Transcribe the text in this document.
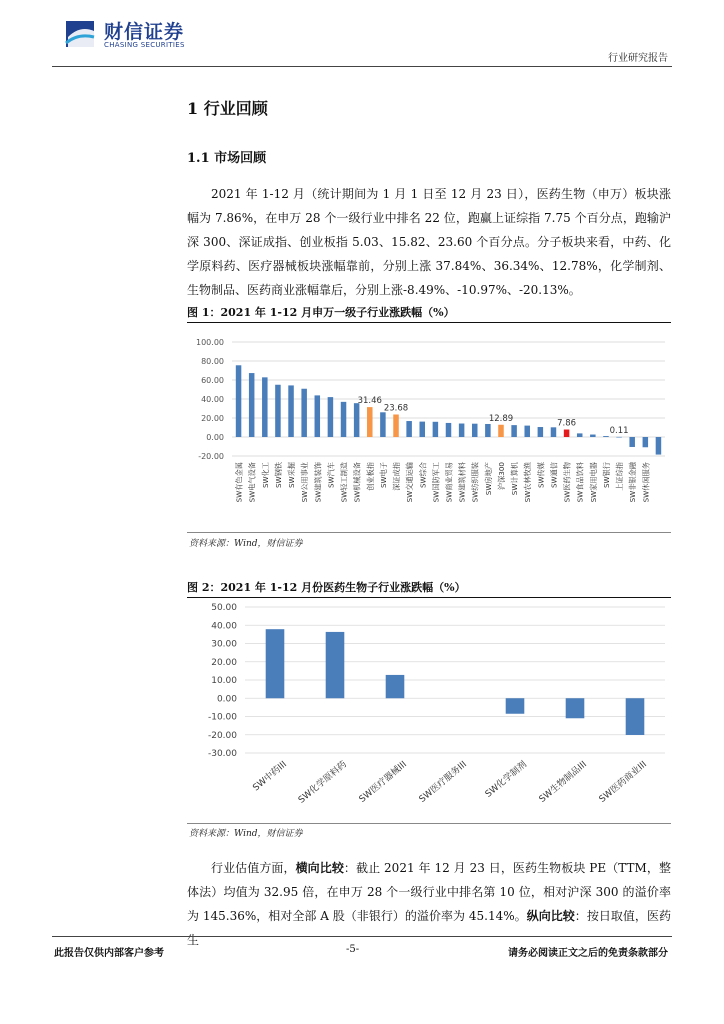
财信证券
CHASING SECURITIES
行业研究报告
1 行业回顾
1.1 市场回顾

2021 年 1-12 月（统计期间为 1 月 1 日至 12 月 23 日），医药生物（申万）板块涨幅为 7.86%，在申万 28 个一级行业中排名 22 位，跑赢上证综指 7.75 个百分点，跑输沪深 300、深证成指、创业板指 5.03、15.82、23.60 个百分点。分子板块来看，中药、化学原料药、医疗器械板块涨幅靠前，分别上涨 37.84%、36.34%、12.78%，化学制剂、生物制品、医药商业涨幅靠后，分别上涨-8.49%、-10.97%、-20.13%。

图 1：2021 年 1-12 月申万一级子行业涨跌幅（%）
100.00
80.00
60.00
40.00
20.00
0.00
-20.00
SW有色金属 SW电气设备 SW化工 SW钢铁 SW采掘 SW公用事业 SW建筑装饰 SW汽车 SW轻工制造 SW机械设备
31.46
创业板指 SW电子
23.68
深证成指 SW交通运输 SW综合 SW国防军工 SW商业贸易 SW建筑材料 SW纺织服装 SW房地产
12.89
沪深300 SW计算机 SW农林牧渔 SW传媒 SW通信
7.86
SW医药生物 SW食品饮料 SW家用电器 SW银行
0.11
上证综指 SW非银金融 SW休闲服务
资料来源：Wind，财信证券
图 2：2021 年 1-12 月份医药生物子行业涨跌幅（%）
50.00
40.00
30.00
20.00
10.00
0.00
-10.00
-20.00
-30.00
SW中药III SW化学原料药 SW医疗器械III SW医疗服务III SW化学制剂 SW生物制品III SW医药商业III
资料来源：Wind，财信证券

行业估值方面，横向比较：截止 2021 年 12 月 23 日，医药生物板块 PE（TTM，整体法）均值为 32.95 倍，在申万 28 个一级行业中排名第 10 位，相对沪深 300 的溢价率为 145.36%，相对全部 A 股（非银行）的溢价率为 45.14%。纵向比较：按日取值，医药生

此报告仅供内部客户参考	-5-	请务必阅读正文之后的免责条款部分
